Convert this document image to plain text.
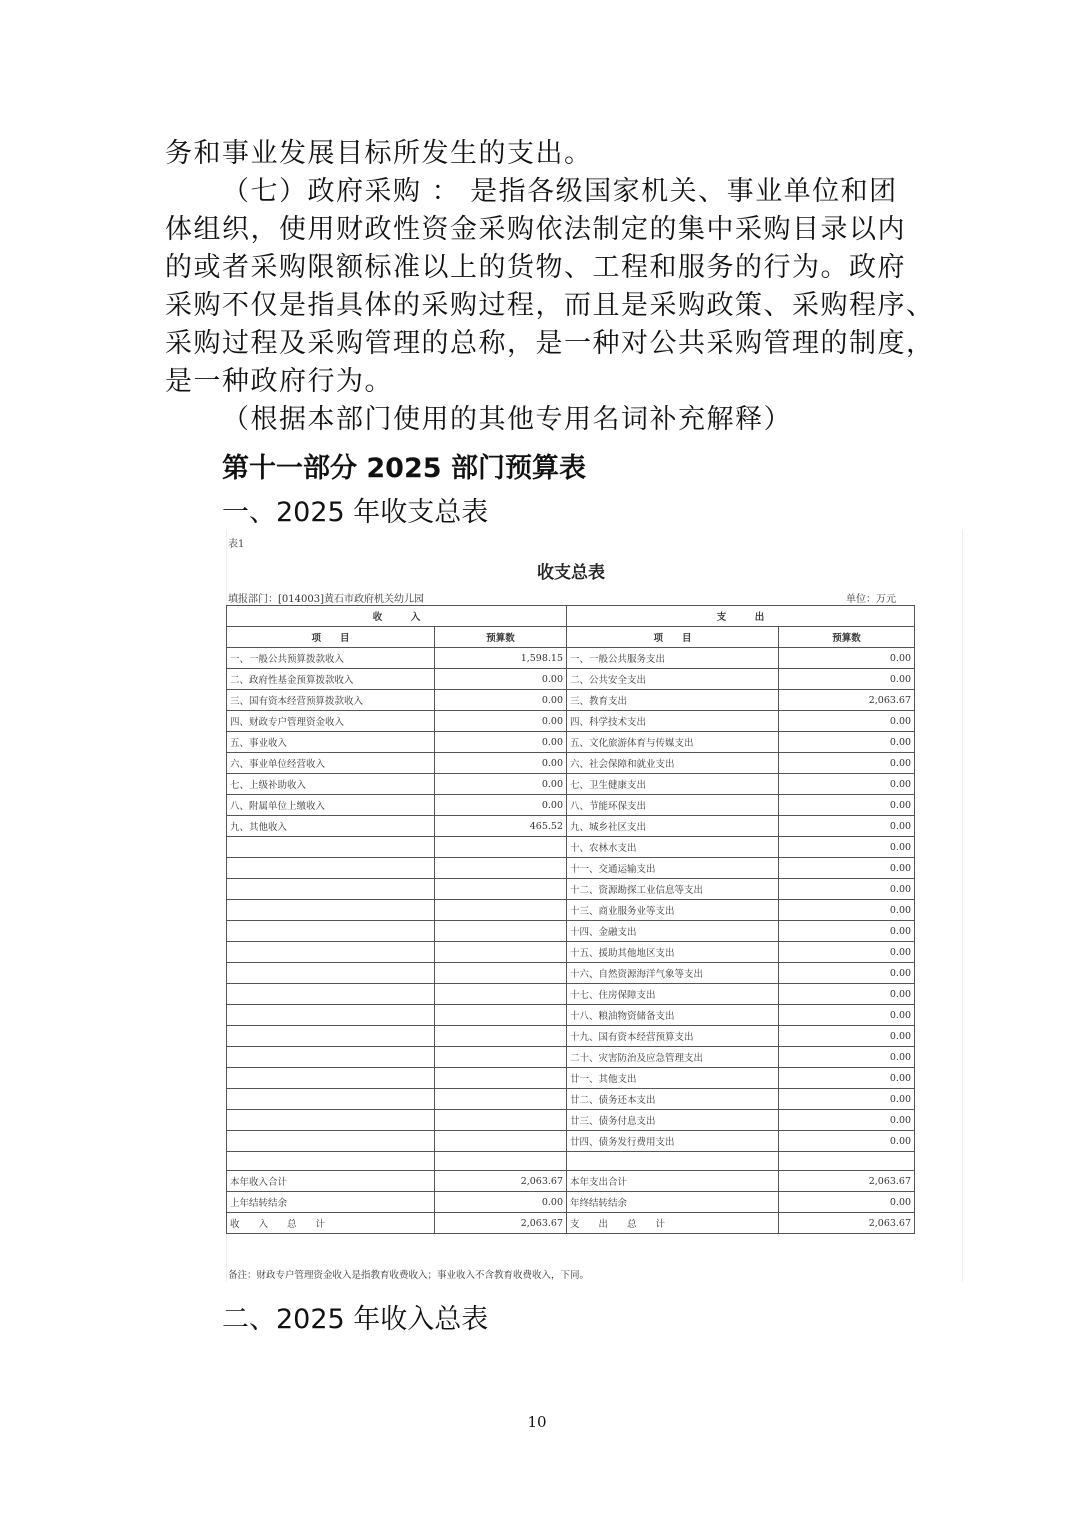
务和事业发展目标所发生的支出。
（七）政府采购 ： 是指各级国家机关、事业单位和团
体组织，使用财政性资金采购依法制定的集中采购目录以内
的或者采购限额标准以上的货物、工程和服务的行为。政府
采购不仅是指具体的采购过程，而且是采购政策、采购程序、
采购过程及采购管理的总称，是一种对公共采购管理的制度，
是一种政府行为。
（根据本部门使用的其他专用名词补充解释）
第十一部分 2025 部门预算表
一、2025 年收支总表
表1
收支总表
填报部门：[014003]黄石市政府机关幼儿园	单位：万元
收　　　入		支　　　出	
项　　目	预算数	项　　目	预算数
一、一般公共预算拨款收入	1,598.15	一、一般公共服务支出	0.00
二、政府性基金预算拨款收入	0.00	二、公共安全支出	0.00
三、国有资本经营预算拨款收入	0.00	三、教育支出	2,063.67
四、财政专户管理资金收入	0.00	四、科学技术支出	0.00
五、事业收入	0.00	五、文化旅游体育与传媒支出	0.00
六、事业单位经营收入	0.00	六、社会保障和就业支出	0.00
七、上级补助收入	0.00	七、卫生健康支出	0.00
八、附属单位上缴收入	0.00	八、节能环保支出	0.00
九、其他收入	465.52	九、城乡社区支出	0.00
		十、农林水支出	0.00
		十一、交通运输支出	0.00
		十二、资源勘探工业信息等支出	0.00
		十三、商业服务业等支出	0.00
		十四、金融支出	0.00
		十五、援助其他地区支出	0.00
		十六、自然资源海洋气象等支出	0.00
		十七、住房保障支出	0.00
		十八、粮油物资储备支出	0.00
		十九、国有资本经营预算支出	0.00
		二十、灾害防治及应急管理支出	0.00
		廿一、其他支出	0.00
		廿二、债务还本支出	0.00
		廿三、债务付息支出	0.00
		廿四、债务发行费用支出	0.00

本年收入合计	2,063.67	本年支出合计	2,063.67
上年结转结余	0.00	年终结转结余	0.00
收　　入　　总　　计	2,063.67	支　　出　　总　　计	2,063.67
备注：财政专户管理资金收入是指教育收费收入；事业收入不含教育收费收入，下同。
二、2025 年收入总表
10
